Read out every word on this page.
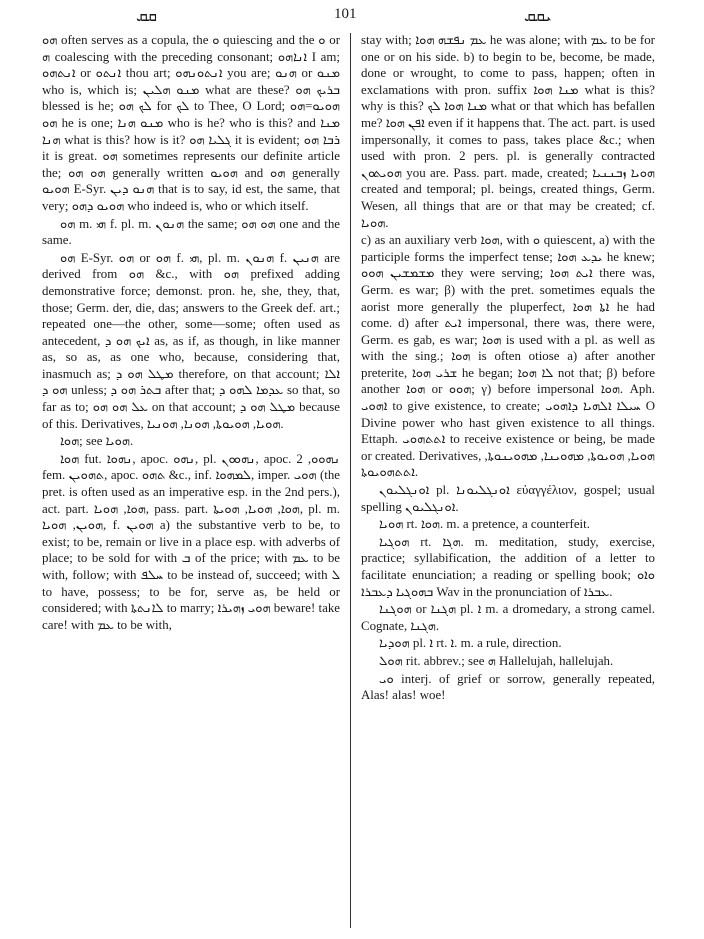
ܩܩ	101	ܝܩܩ

ܗܘ often serves as a copula, the ܘ quiescing and the ܘ or ܗ coalescing with the preceding consonant; ܐܢܐܗܘ I am; ܐܢܬܗܘ or ܐܢܬܘ thou art; ܐܢܬܘܢܗܘ you are; ܗܢܘ or ܡܢܘ who is, which is; ܡܢܘ ܗܠܝܢ what are these? ܒܪܝܟ ܗܘ blessed is he; ܠܟ ܗܘ for ܠܟ to Thee, O Lord; ܗܘܝܘ=ܗܘ ܗܘ he is one; ܡܢܘ ܗܢܐ who is he? who is this? and ܡܢܐ ܗܢܐ what is this? how is it? ܓܠܝܐ ܗܘ it is evident; ܪܒܐ ܗܘ it is great. ܗܘ sometimes represents our definite article the; ܗܘ ܗܘ generally written ܗܘܝܘ and ܗܘ generally ܗܘܝܘ E-Syr. ܗܢܘ ܕܝܢ that is to say, id est, the same, that very; ܗܘܝܘ ܕܗܘ who indeed is, who or which itself.

ܗܘ m. ܗܝ f. pl. m. ܗܢܘܢ the same; ܗܘ ܗܘ one and the same.

ܗܘ E-Syr. ܗܘ or ܗܘ f. ܗܝ, pl. m. ܗܢܘܢ f. ܗܢܝܢ are derived from ܗܘ &c., with ܗܘ prefixed adding demonstrative force; demonst. pron. he, she, they, that, those; Germ. der, die, das; answers to the Greek def. art.; repeated one—the other, some—some; often used as antecedent, ܐܝܟ ܗܘ ܕ as, as if, as though, in like manner as, so as, as one who, because, considering that, inasmuch as; ܡܛܠ ܗܘ ܕ therefore, on that account; ܐܠܐ ܗܘ ܕ unless; ܒܬܪ ܗܘ ܕ after that; ܥܕܡܐ ܠܗܘ ܕ so that, so far as to; ܥܠ ܗܘ ܗܘ on that account; ܡܛܠ ܗܘ ܕ because of this. Derivatives, ܗܘܝܐ, ܗܘܝܘܬܐ, ܗܘܢܐ, ܗܘܢܝܐ.

ܗܘܐ; see ܗܘܝܐ.

ܗܘܐ fut. ܢܗܘܐ, apoc. ܢܗܘ, pl. ܢܗܘܘܢ, apoc. ܢܗܘܘ, 2 fem. ܬܗܘܝܢ, apoc. ܬܗܘ &c., inf. ܠܡܗܘܐ, imper. ܗܘܝ (the pret. is often used as an imperative esp. in the 2nd pers.), act. part. ܗܘܐ, ܗܘܝܐ, pass. part. ܗܘܐ, ܗܘܝܐ, ܗܘܝܬܐ, pl. m. ܗܘܝܢ, ܗܘܝܐ, f. ܗܘܝܢ a) the substantive verb to be, to exist; to be, remain or live in a place esp. with adverbs of place; to be sold for with ܒ of the price; with ܥܡ to be with, follow; with ܚܠܦ to be instead of, succeed; with ܠ to have, possess; to be for, serve as, be held or considered; with ܠܐܢܬܬܐ to marry; ܗܘܝ ܙܗܝܪܐ beware! take care! with ܥܡ to be with,

stay with; ܥܡ ܢܦܫܗ ܗܘܐ he was alone; with ܥܡ to be for one or on his side. b) to begin to be, become, be made, done or wrought, to come to pass, happen; often in exclamations with pron. suffix ܡܢܐ ܗܘܐ what is this? why is this? ܡܢܐ ܗܘܐ ܠܟ what or that which has befallen me? ܐܦܢ ܗܘܐ even if it happens that. The act. part. is used impersonally, it comes to pass, takes place &c.; when used with pron. 2 pers. pl. is generally contracted ܗܘܝܬܘܢ you are. Pass. part. made, created; ܗܘܝܐ ܙܒܢܢܝܐ created and temporal; pl. beings, created things, Germ. Wesen, all things that are or that may be created; cf. ܗܘܝܐ.

c) as an auxiliary verb ܗܘܐ, with ܘ quiescent, a) with the participle forms the imperfect tense; ܝܕܥ ܗܘܐ he knew; ܡܫܡܫܝܢ ܗܘܘ they were serving; ܐܝܬ ܗܘܐ there was, Germ. es war; β) with the pret. sometimes equals the aorist more generally the pluperfect, ܐܬܐ ܗܘܐ he had come. d) after ܐܝܬ impersonal, there was, there were, Germ. es gab, es war; ܗܘܐ is used with a pl. as well as with the sing.; ܗܘܐ is often otiose a) after another preterite, ܫܪܝ ܗܘܐ he began; ܠܐ ܗܘܐ not that; β) before another ܗܘܐ or ܗܘܘ; γ) before impersonal ܗܘܐ. Aph. ܐܗܘܝ to give existence, to create; ܚܝܠܐ ܐܠܗܝܐ ܕܐܗܘܝ O Divine power who hast given existence to all things. Ettaph. ܐܬܬܗܘܝ to receive existence or being, be made or created. Derivatives, ܗܘܝܐ, ܗܘܝܘܬܐ, ܡܗܘܝܢܐ, ܡܗܘܝܢܘܬܐ, ܐܬܬܗܘܝܘܬܐ.

ܐܘܢܓܠܝܘܢ pl. ܐܘܢܓܠܝܘܢܐ εὐαγγέλιον, gospel; usual spelling ܐܘܢܓܠܝܘܢ.

ܗܘܝܐ rt. ܗܘܐ. m. a pretence, a counterfeit.

ܗܘܓܝܐ rt. ܗܓܐ. m. meditation, study, exercise, practice; syllabification, the addition of a letter to facilitate enunciation; a reading or spelling book; ܘܐܘ ܒܗܘܓܝܐ ܕܥܒܪܐ Wav in the pronunciation of ܥܒܪܐ.

ܗܘܓܢܐ or ܗܓܢܐ pl. ܐ m. a dromedary, a strong camel. Cognate, ܗܓܢܐ.

ܗܘܕܝܐ pl. ܐ rt. ܐ. m. a rule, direction.

ܗܘܠ rit. abbrev.; see ܗ Hallelujah, hallelujah.

ܘܝ interj. of grief or sorrow, generally repeated, Alas! alas! woe!
